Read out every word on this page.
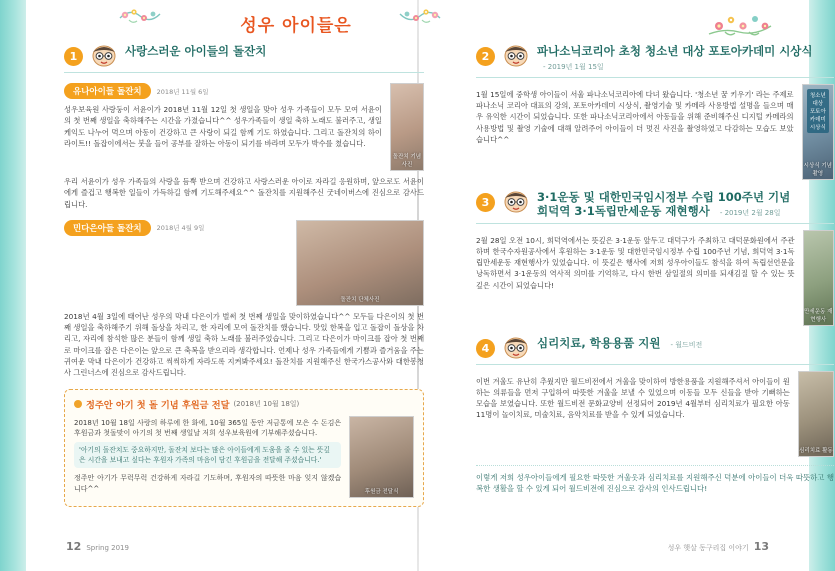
성우 아이들은
1	사랑스러운 아이들의 돌잔치
유나아이들 돌잔치	2018년 11월 6일
성우보육원 사랑둥이 서윤이가 2018년 11월 12일 첫 생일을 맞아 성우 가족들이 모두 모여 서윤이의 첫 번째 생일을 축하해주는 시간을 가졌습니다^^ 성우가족들이 생일 축하 노래도 불러주고, 생일 케익도 나누어 먹으며 아동이 건강하고 큰 사랑이 되길 함께 기도 하였습니다. 그리고 돌잔치의 하이라이트!! 돌잡이에서는 붓을 들어 공부를 잘하는 아동이 되기를 바라며 모두가 박수를 쳤습니다.
돌잔치 기념사진
우리 서윤이가 성우 가족들의 사랑을 듬뿍 받으며 건강하고 사랑스러운 아이로 자라길 응원하며, 앞으로도 서윤이에게 즐겁고 행복한 일들이 가득하길 함께 기도해주세요^^ 돌잔치를 지원해주신 굿네이버스에 진심으로 감사드립니다.
민다은아들 돌잔치	2018년 4월 9일
돌잔치 단체사진
2018년 4월 3일에 태어난 성우의 막내 다은이가 벌써 첫 번째 생일을 맞이하였습니다^^ 모두들 다은이의 첫 번째 생일을 축하해주기 위해 돌상을 차리고, 한 자리에 모여 돌잔치를 했습니다. 맛있 한복을 입고 돌잡이 돌상을 차리고, 자리에 참석한 많은 분들이 함께 생일 축하 노래를 불러주었습니다. 그리고 다은이가 마이크를 잡아 첫 번째로 마이크를 잡은 다은이는 앞으로 큰 축복을 받으리라 생각합니다. 언제나 성우 가족들에게 기쁨과 즐거움을 주는 귀여운 막내 다은이가 건강하고 씩씩하게 자라도록 지켜봐주세요! 돌잔치를 지원해주신 한국가스공사와 대한봉청사 그린너스에 진심으로 감사드립니다.
정주안 아기 첫 돌 기념 후원금 전달 (2018년 10월 18일)
2018년 10월 18일 사랑의 하루에 한 화에, 10월 365일 동안 저금통에 모은 수 돈김은 후원금과 첫돌맞이 아기의 첫 번째 생일날 저희 성우보육원에 기부해주셨습니다.
'아기의 돌잔치도 중요하지만, 돌잔치 보다는 많은 아이들에게 도움을 줄 수 있는 뜻깊은 시간을 보내고 싶다는 후원자 가족의 마음이 담긴 후원금을 전달해 주셨습니다.'
정주안 아기가 무럭무럭 건강하게 자라길 기도하며, 후원자의 따뜻한 마음 잊지 않겠습니다^^	후원금 전달식
2	파나소닉코리아 초청 청소년 대상 포토아카데미 시상식 - 2019년 1월 15일
1월 15일에 중학생 아이들이 서울 파나소닉코리아에 다녀 왔습니다. '청소년 꿈 키우기' 라는 주제로 파나소닉 코리아 대표의 강의, 포토아카데미 시상식, 촬영기술 및 카메라 사용방법 설명을 들으며 매우 유익한 시간이 되었습니다. 또한 파나소닉코리아에서 아동들을 위해 준비해주신 디지털 카메라의 사용방법 및 촬영 기술에 대해 알려주어 아이들이 더 멋진 사진을 촬영하였고 다감하는 모습도 보았습니다^^
청소년 대상 포토아카데미 시상식
시상식 기념촬영
3	3·1운동 및 대한민국임시정부 수립 100주년 기념
희덕역 3·1독립만세운동 재현행사 - 2019년 2월 28일
2월 28일 오전 10시, 희덕역에서는 뜻깊은 3·1운동 앞두고 대덕구가 주최하고 대덕문화원에서 주관하며 한국수자원공사에서 후원하는 3·1운동 및 대한민국임시정부 수립 100주년 기념, 희덕역 3·1독립만세운동 재현행사가 있었습니다. 이 뜻깊은 행사에 저희 성우아이들도 참석을 하여 독립선언문을 낭독하면서 3·1운동의 역사적 의미를 기억하고, 다시 한번 삼일절의 의미를 되새김질 할 수 있는 뜻 깊은 시간이 되었습니다!
만세운동 재현행사
4	심리치료, 학용용품 지원 - 월드비전
이번 겨울도 유난히 추웠지만 월드비전에서 겨울을 맞이하여 방한용품을 지원해주셔서 아이들이 원하는 의류들을 먼저 구입하여 따뜻한 겨울을 보낼 수 있었으며 이동들 모두 신들을 받아 기뻐하는 모습을 보였습니다. 또한 월드비전 문화교양비 선정되어 2019년 4월부터 심리치료가 필요한 아동 11명이 놀이치료, 미술치료, 음악치료를 받을 수 있게 되었습니다.
심리치료 활동
이렇게 저희 성우아이들에게 필요한 따뜻한 겨울옷과 심리치료를 지원해주신 덕분에 아이들이 더욱 따뜻하고 행복한 생활을 할 수 있게 되어 월드비전에 진심으로 감사의 인사드립니다!
12 Spring 2019	성우 햇살 동구리집 이야기 13
